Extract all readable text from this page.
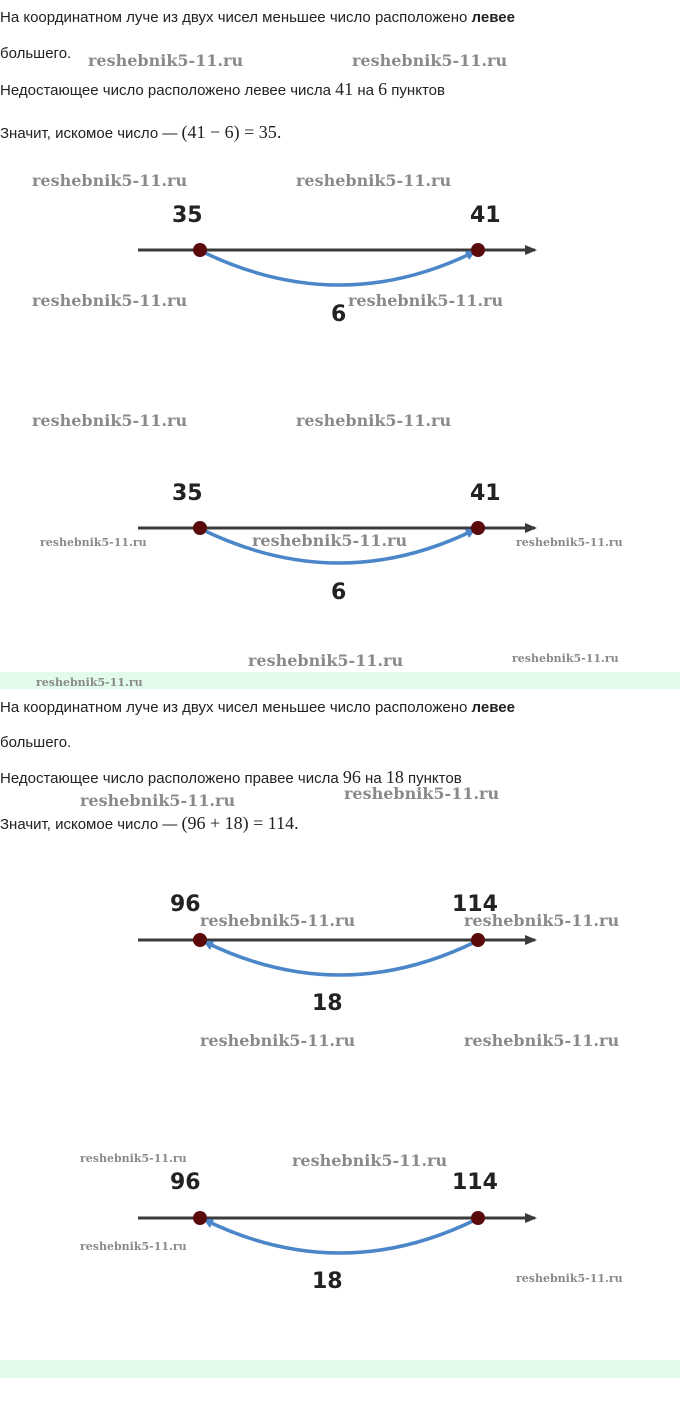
На координатном луче из двух чисел меньшее число расположено левее
большего.
Недостающее число расположено левее числа 41 на 6 пунктов
Значит, искомое число — (41 − 6) = 35.
35	41
6
35	41
6
На координатном луче из двух чисел меньшее число расположено левее
большего.
Недостающее число расположено правее числа 96 на 18 пунктов
Значит, искомое число — (96 + 18) = 114.
96	114
18
96	114
18
reshebnik5-11.ru	reshebnik5-11.ru
reshebnik5-11.ru	reshebnik5-11.ru
reshebnik5-11.ru	reshebnik5-11.ru
reshebnik5-11.ru	reshebnik5-11.ru
reshebnik5-11.ru	reshebnik5-11.ru	reshebnik5-11.ru
reshebnik5-11.ru	reshebnik5-11.ru
reshebnik5-11.ru
reshebnik5-11.ru	reshebnik5-11.ru
reshebnik5-11.ru	reshebnik5-11.ru
reshebnik5-11.ru	reshebnik5-11.ru
reshebnik5-11.ru	reshebnik5-11.ru
reshebnik5-11.ru
reshebnik5-11.ru
